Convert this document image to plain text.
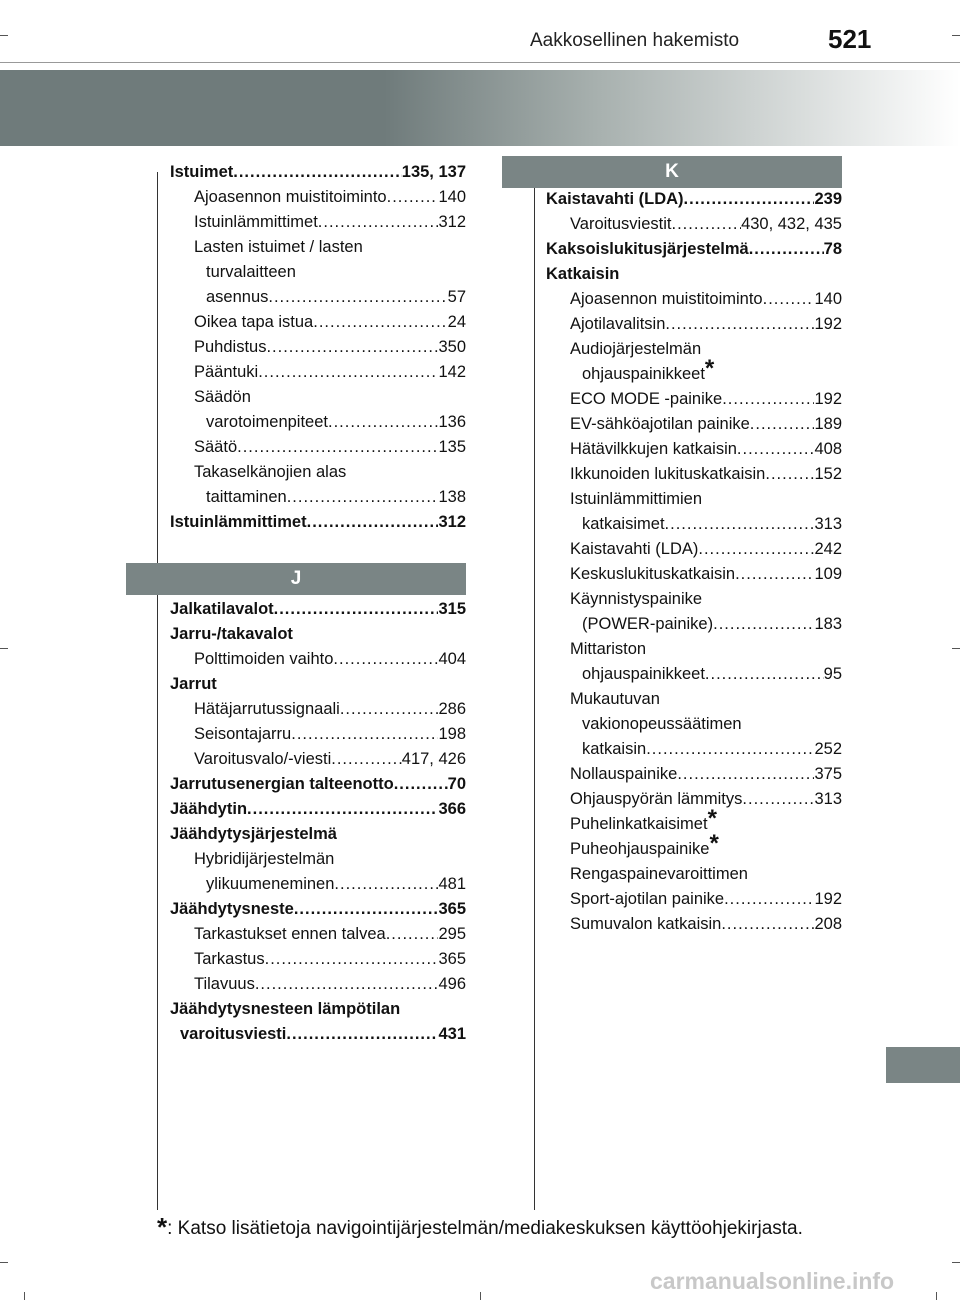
Aakkosellinen hakemisto	521
K
J
Istuimet .....	135, 137
Ajoasennon muistitoiminto .....	140
Istuinlämmittimet .....	312
Lasten istuimet / lasten
turvalaitteen
asennus .....	57
Oikea tapa istua .....	24
Puhdistus .....	350
Pääntuki .....	142
Säädön
varotoimenpiteet .....	136
Säätö .....	135
Takaselkänojien alas
taittaminen .....	138
Istuinlämmittimet .....	312
Jalkatilavalot .....	315
Jarru-/takavalot
Polttimoiden vaihto .....	404
Jarrut
Hätäjarrutussignaali .....	286
Seisontajarru .....	198
Varoitusvalo/-viesti .....	417, 426
Jarrutusenergian talteenotto .....	70
Jäähdytin .....	366
Jäähdytysjärjestelmä
Hybridijärjestelmän
ylikuumeneminen .....	481
Jäähdytysneste .....	365
Tarkastukset ennen talvea .....	295
Tarkastus .....	365
Tilavuus .....	496
Jäähdytysnesteen lämpötilan
varoitusviesti .....	431
Kaistavahti (LDA) .....	239
Varoitusviestit .....	430, 432, 435
Kaksoislukitusjärjestelmä .....	78
Katkaisin
Ajoasennon muistitoiminto .....	140
Ajotilavalitsin .....	192
Audiojärjestelmän
ohjauspainikkeet*
ECO MODE -painike .....	192
EV-sähköajotilan painike .....	189
Hätävilkkujen katkaisin .....	408
Ikkunoiden lukituskatkaisin .....	152
Istuinlämmittimien
katkaisimet .....	313
Kaistavahti (LDA) .....	242
Keskuslukituskatkaisin .....	109
Käynnistyspainike
(POWER-painike) .....	183
Mittariston
ohjauspainikkeet .....	95
Mukautuvan
vakionopeussäätimen
katkaisin .....	252
Nollauspainike .....	375
Ohjauspyörän lämmitys .....	313
Puhelinkatkaisimet*
Puheohjauspainike*
Rengaspainevaroittimen
Sport-ajotilan painike .....	192
Sumuvalon katkaisin .....	208
*: Katso lisätietoja navigointijärjestelmän/mediakeskuksen käyttöohjekirjasta.
carmanualsonline.info
